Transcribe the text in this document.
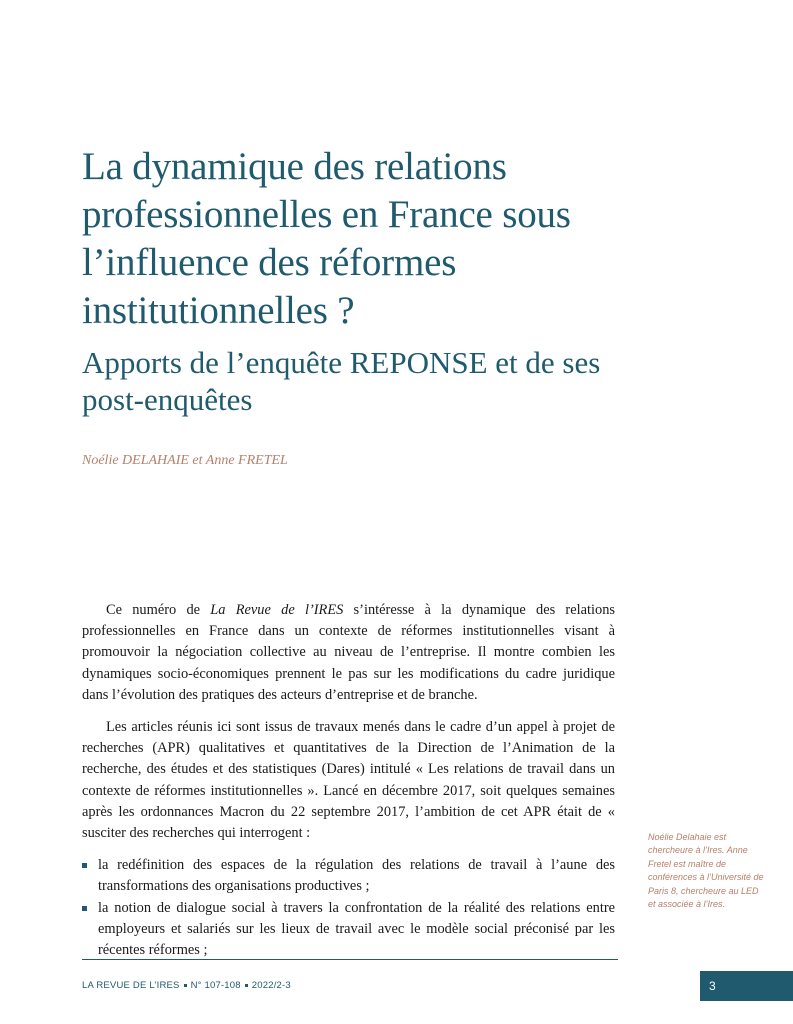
La dynamique des relations professionnelles en France sous l’influence des réformes institutionnelles ?
Apports de l’enquête REPONSE et de ses post-enquêtes
Noélie DELAHAIE et Anne FRETEL

Ce numéro de La Revue de l’IRES s’intéresse à la dynamique des relations professionnelles en France dans un contexte de réformes institutionnelles visant à promouvoir la négociation collective au niveau de l’entreprise. Il montre combien les dynamiques socio-économiques prennent le pas sur les modifications du cadre juridique dans l’évolution des pratiques des acteurs d’entreprise et de branche.

Les articles réunis ici sont issus de travaux menés dans le cadre d’un appel à projet de recherches (APR) qualitatives et quantitatives de la Direction de l’Animation de la recherche, des études et des statistiques (Dares) intitulé « Les relations de travail dans un contexte de réformes institutionnelles ». Lancé en décembre 2017, soit quelques semaines après les ordonnances Macron du 22 septembre 2017, l’ambition de cet APR était de « susciter des recherches qui interrogent :

la redéfinition des espaces de la régulation des relations de travail à l’aune des transformations des organisations productives ;
la notion de dialogue social à travers la confrontation de la réalité des relations entre employeurs et salariés sur les lieux de travail avec le modèle social préconisé par les récentes réformes ;
Noélie Delahaie est chercheure à l’Ires. Anne Fretel est maître de conférences à l’Université de Paris 8, chercheure au LED et associée à l’Ires.
LA REVUE DE L’IRES N° 107-108 2022/2-3	3
